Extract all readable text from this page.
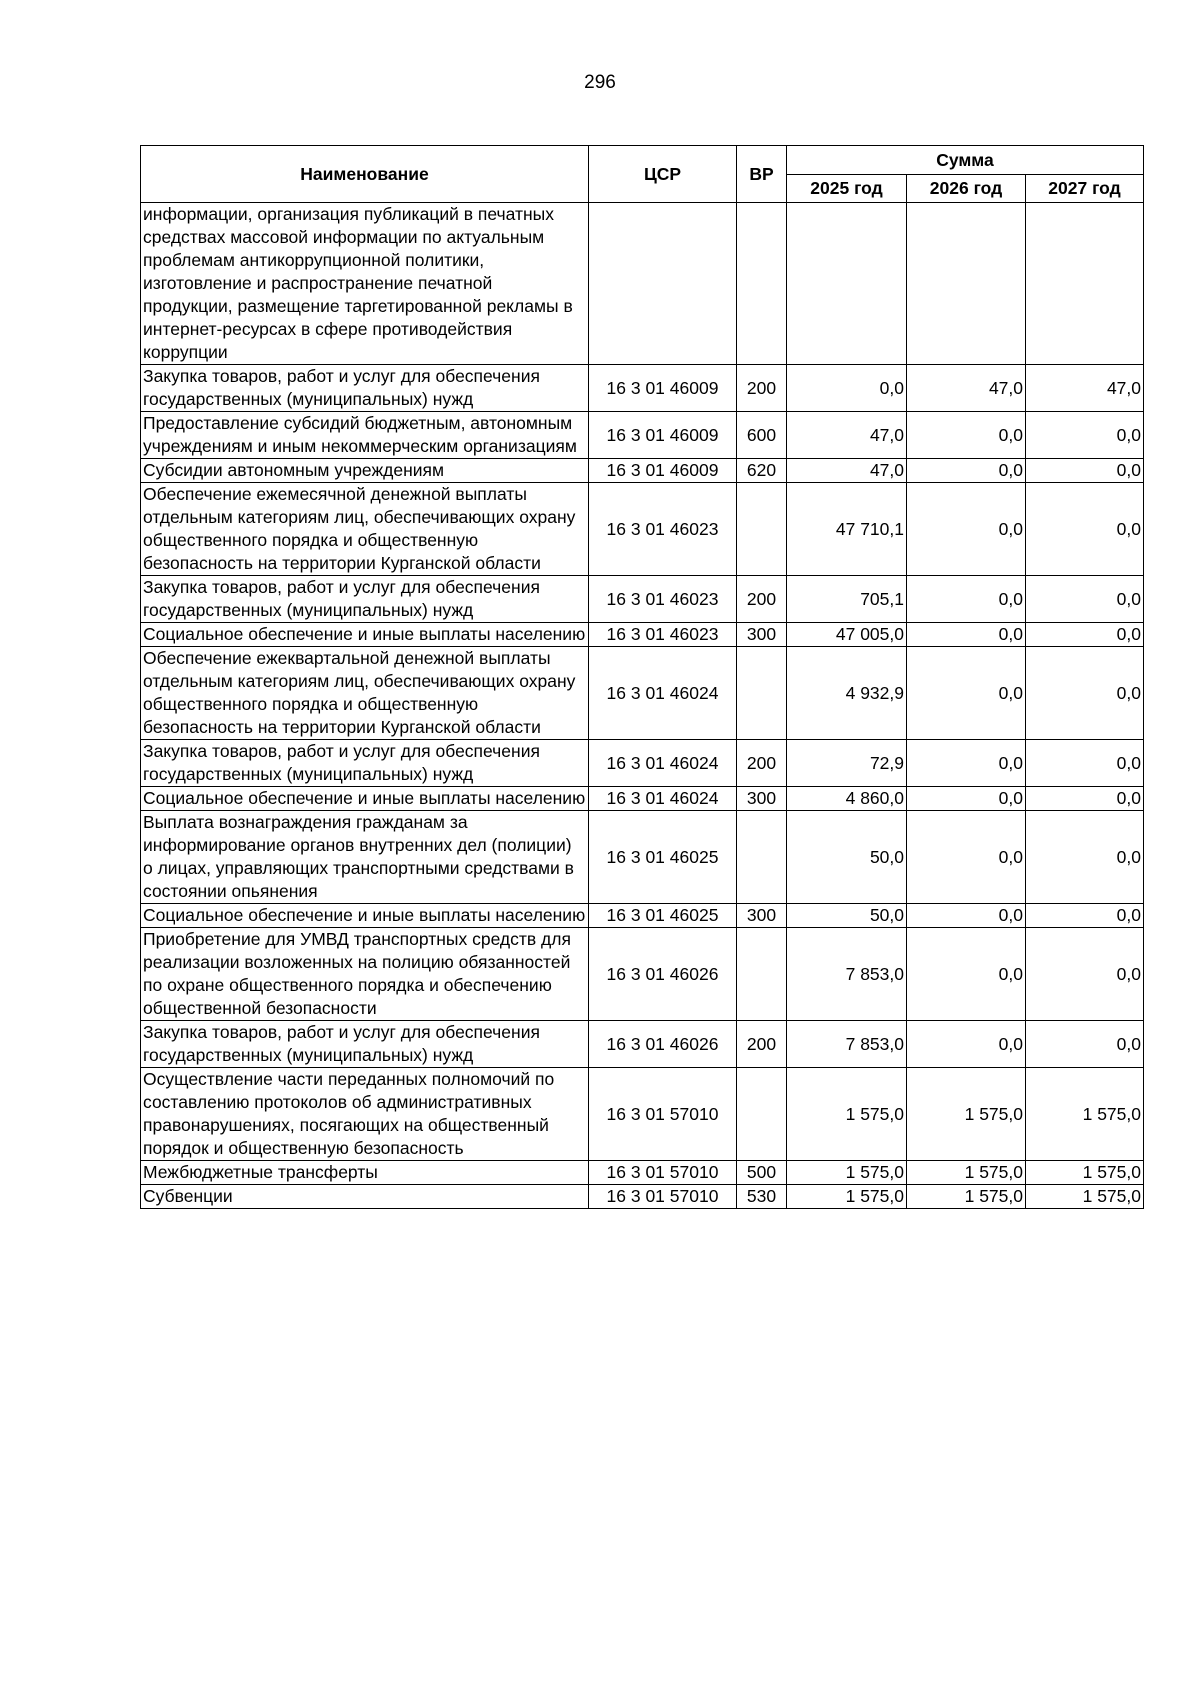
296
Наименование	ЦСР	ВР	Сумма		
			2025 год	2026 год	2027 год
информации, организация публикаций в печатных средствах массовой информации по актуальным проблемам антикоррупционной политики, изготовление и распространение печатной продукции, размещение таргетированной рекламы в интернет-ресурсах в сфере противодействия коррупции					
Закупка товаров, работ и услуг для обеспечения государственных (муниципальных) нужд	16 3 01 46009	200	0,0	47,0	47,0
Предоставление субсидий бюджетным, автономным учреждениям и иным некоммерческим организациям	16 3 01 46009	600	47,0	0,0	0,0
Субсидии автономным учреждениям	16 3 01 46009	620	47,0	0,0	0,0
Обеспечение ежемесячной денежной выплаты отдельным категориям лиц, обеспечивающих охрану общественного порядка и общественную безопасность на территории Курганской области	16 3 01 46023		47 710,1	0,0	0,0
Закупка товаров, работ и услуг для обеспечения государственных (муниципальных) нужд	16 3 01 46023	200	705,1	0,0	0,0
Социальное обеспечение и иные выплаты населению	16 3 01 46023	300	47 005,0	0,0	0,0
Обеспечение ежеквартальной денежной выплаты отдельным категориям лиц, обеспечивающих охрану общественного порядка и общественную безопасность на территории Курганской области	16 3 01 46024		4 932,9	0,0	0,0
Закупка товаров, работ и услуг для обеспечения государственных (муниципальных) нужд	16 3 01 46024	200	72,9	0,0	0,0
Социальное обеспечение и иные выплаты населению	16 3 01 46024	300	4 860,0	0,0	0,0
Выплата вознаграждения гражданам за информирование органов внутренних дел (полиции) о лицах, управляющих транспортными средствами в состоянии опьянения	16 3 01 46025		50,0	0,0	0,0
Социальное обеспечение и иные выплаты населению	16 3 01 46025	300	50,0	0,0	0,0
Приобретение для УМВД транспортных средств для реализации возложенных на полицию обязанностей по охране общественного порядка и обеспечению общественной безопасности	16 3 01 46026		7 853,0	0,0	0,0
Закупка товаров, работ и услуг для обеспечения государственных (муниципальных) нужд	16 3 01 46026	200	7 853,0	0,0	0,0
Осуществление части переданных полномочий по составлению протоколов об административных правонарушениях, посягающих на общественный порядок и общественную безопасность	16 3 01 57010		1 575,0	1 575,0	1 575,0
Межбюджетные трансферты	16 3 01 57010	500	1 575,0	1 575,0	1 575,0
Субвенции	16 3 01 57010	530	1 575,0	1 575,0	1 575,0
